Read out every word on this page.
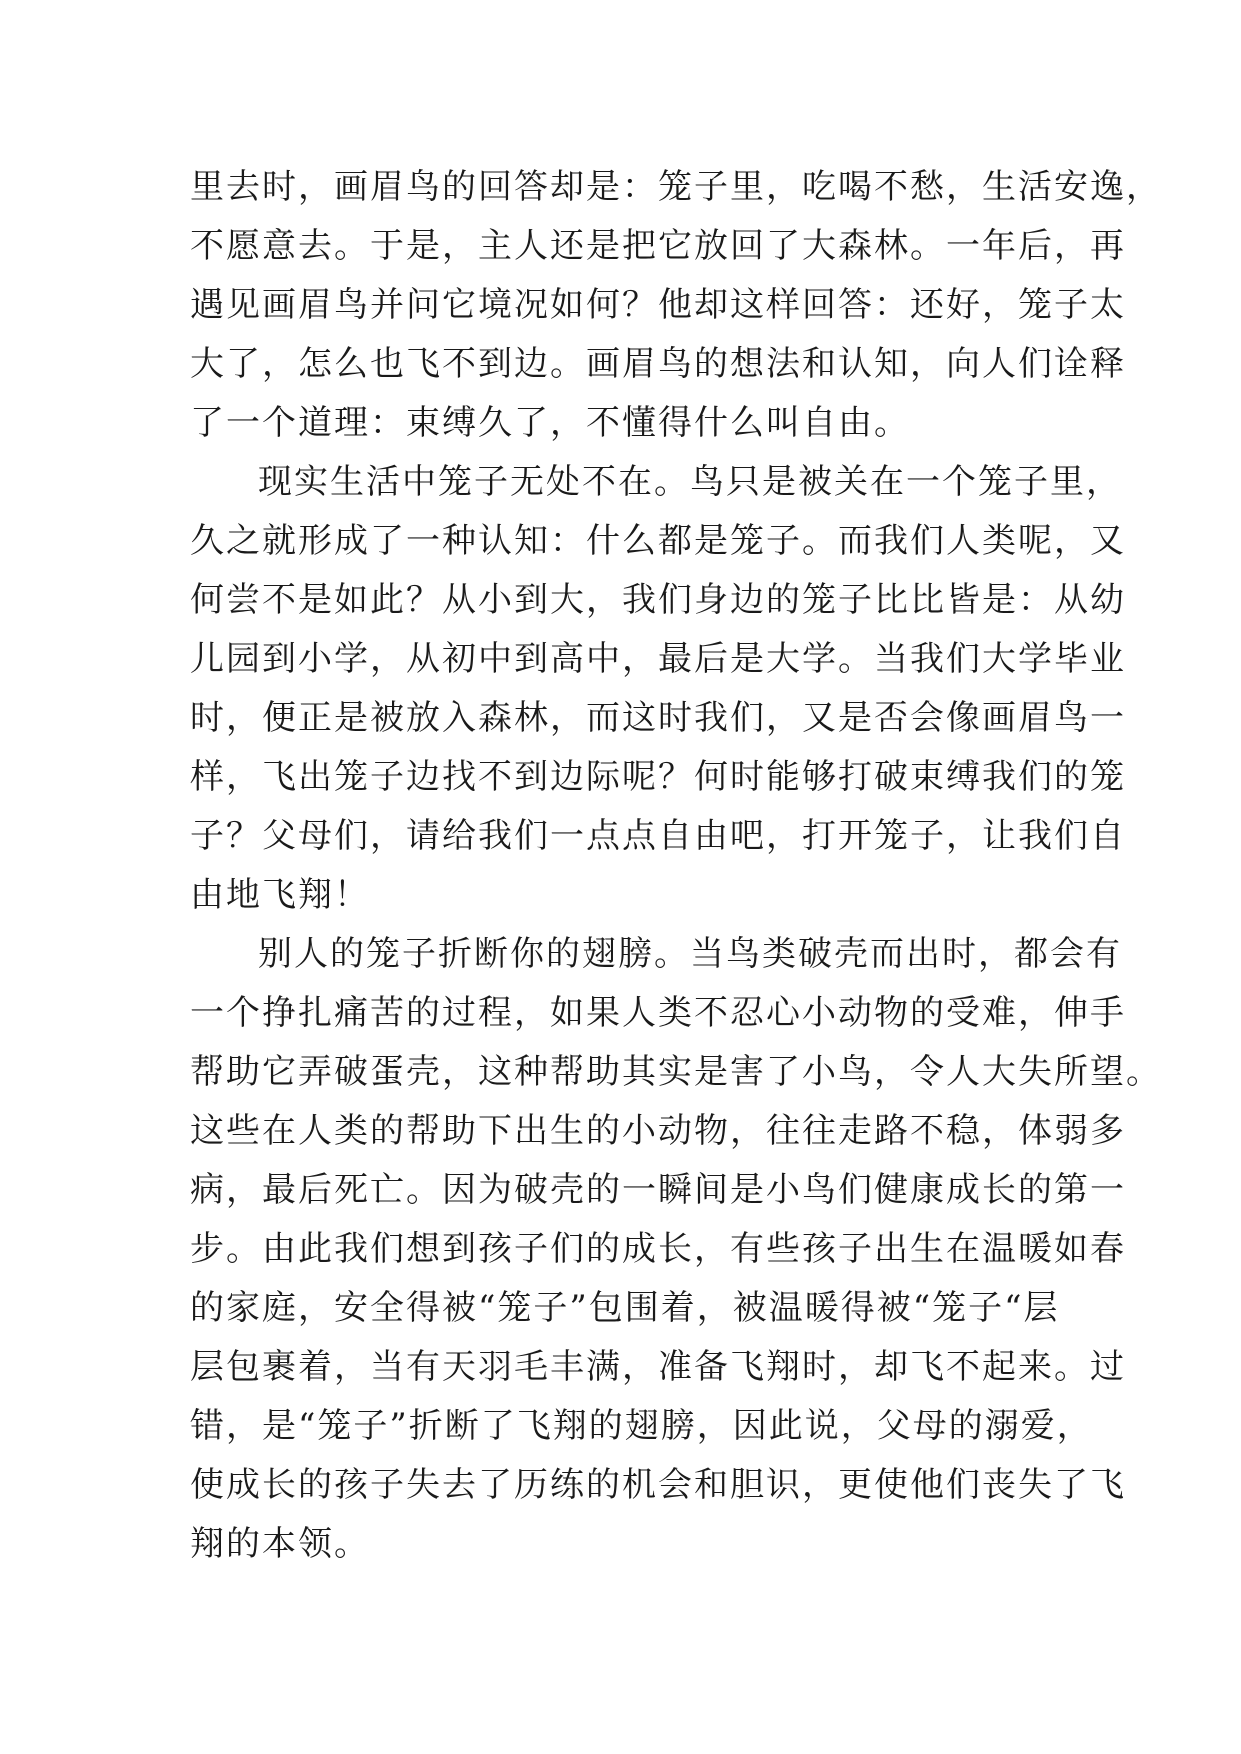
里去时，画眉鸟的回答却是：笼子里，吃喝不愁，生活安逸，
不愿意去。于是，主人还是把它放回了大森林。一年后，再
遇见画眉鸟并问它境况如何？他却这样回答：还好，笼子太
大了，怎么也飞不到边。画眉鸟的想法和认知，向人们诠释
了一个道理：束缚久了，不懂得什么叫自由。
现实生活中笼子无处不在。鸟只是被关在一个笼子里，
久之就形成了一种认知：什么都是笼子。而我们人类呢，又
何尝不是如此？从小到大，我们身边的笼子比比皆是：从幼
儿园到小学，从初中到高中，最后是大学。当我们大学毕业
时，便正是被放入森林，而这时我们，又是否会像画眉鸟一
样，飞出笼子边找不到边际呢？何时能够打破束缚我们的笼
子？父母们，请给我们一点点自由吧，打开笼子，让我们自
由地飞翔！
别人的笼子折断你的翅膀。当鸟类破壳而出时，都会有
一个挣扎痛苦的过程，如果人类不忍心小动物的受难，伸手
帮助它弄破蛋壳，这种帮助其实是害了小鸟，令人大失所望。
这些在人类的帮助下出生的小动物，往往走路不稳，体弱多
病，最后死亡。因为破壳的一瞬间是小鸟们健康成长的第一
步。由此我们想到孩子们的成长，有些孩子出生在温暖如春
的家庭，安全得被“笼子”包围着，被温暖得被“笼子“层
层包裹着，当有天羽毛丰满，准备飞翔时，却飞不起来。过
错，是“笼子”折断了飞翔的翅膀，因此说，父母的溺爱，
使成长的孩子失去了历练的机会和胆识，更使他们丧失了飞
翔的本领。
